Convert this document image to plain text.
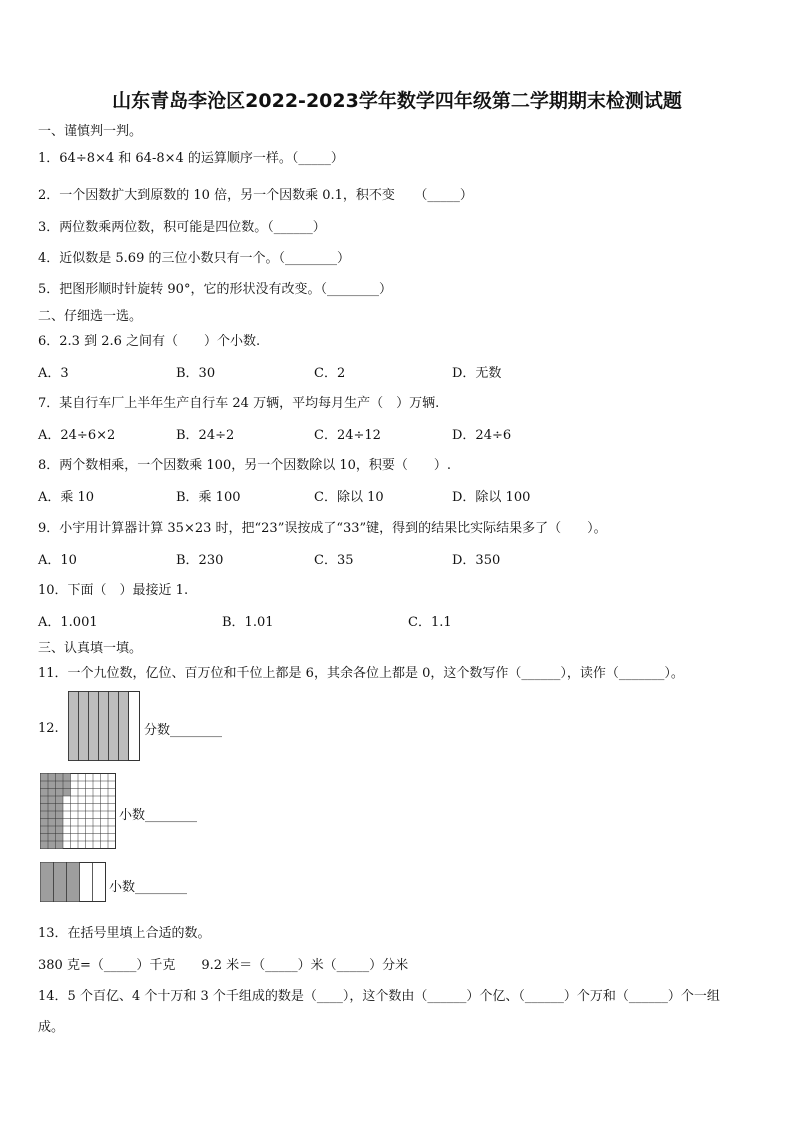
山东青岛李沧区2022-2023学年数学四年级第二学期期末检测试题
一、谨慎判一判。
1．64÷8×4 和 64-8×4 的运算顺序一样。（_____）
2．一个因数扩大到原数的 10 倍，另一个因数乘 0.1，积不变　　（_____）
3．两位数乘两位数，积可能是四位数。（______）
4．近似数是 5.69 的三位小数只有一个。（________）
5．把图形顺时针旋转 90°，它的形状没有改变。（________）
二、仔细选一选。
6．2.3 到 2.6 之间有（　　）个小数.
A．3	B．30	C．2	D．无数
7．某自行车厂上半年生产自行车 24 万辆，平均每月生产（　）万辆.
A．24÷6×2	B．24÷2	C．24÷12	D．24÷6
8．两个数相乘，一个因数乘 100，另一个因数除以 10，积要（　　）.
A．乘 10	B．乘 100	C．除以 10	D．除以 100
9．小宇用计算器计算 35×23 时，把“23”误按成了“33”键，得到的结果比实际结果多了（　　）。
A．10	B．230	C．35	D．350
10．下面（　）最接近 1.
A．1.001	B．1.01	C．1.1
三、认真填一填。
11．一个九位数，亿位、百万位和千位上都是 6，其余各位上都是 0，这个数写作（______），读作（_______）。
12.	分数________
小数________
小数________
13．在括号里填上合适的数。
380 克=（_____）千克　　9.2 米＝（_____）米（_____）分米
14．5 个百亿、4 个十万和 3 个千组成的数是（____），这个数由（______）个亿、（______）个万和（______）个一组
成。
